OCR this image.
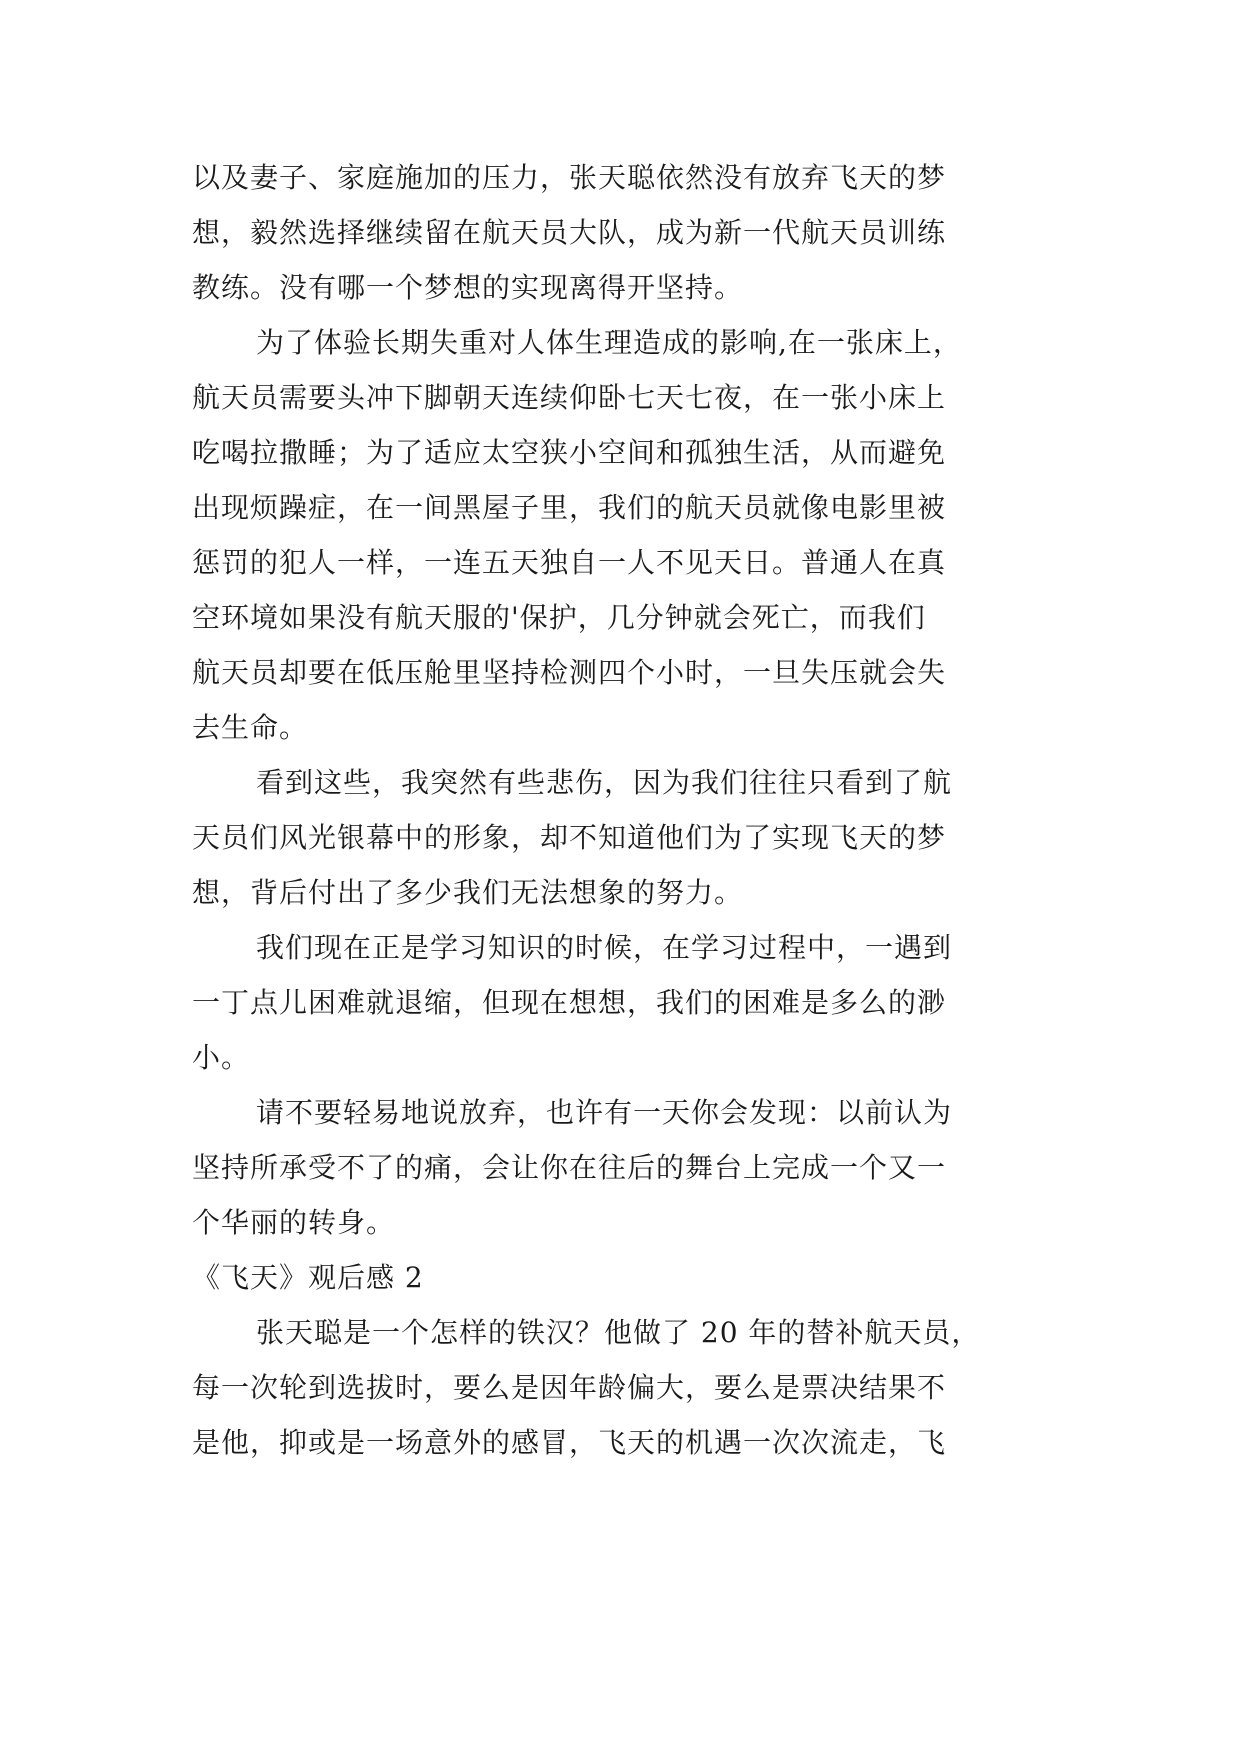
以及妻子、家庭施加的压力，张天聪依然没有放弃飞天的梦
想，毅然选择继续留在航天员大队，成为新一代航天员训练
教练。没有哪一个梦想的实现离得开坚持。
为了体验长期失重对人体生理造成的影响,在一张床上，
航天员需要头冲下脚朝天连续仰卧七天七夜，在一张小床上
吃喝拉撒睡；为了适应太空狭小空间和孤独生活，从而避免
出现烦躁症，在一间黑屋子里，我们的航天员就像电影里被
惩罚的犯人一样，一连五天独自一人不见天日。普通人在真
空环境如果没有航天服的'保护，几分钟就会死亡，而我们
航天员却要在低压舱里坚持检测四个小时，一旦失压就会失
去生命。
看到这些，我突然有些悲伤，因为我们往往只看到了航
天员们风光银幕中的形象，却不知道他们为了实现飞天的梦
想，背后付出了多少我们无法想象的努力。
我们现在正是学习知识的时候，在学习过程中，一遇到
一丁点儿困难就退缩，但现在想想，我们的困难是多么的渺
小。
请不要轻易地说放弃，也许有一天你会发现：以前认为
坚持所承受不了的痛，会让你在往后的舞台上完成一个又一
个华丽的转身。
《飞天》观后感 2
张天聪是一个怎样的铁汉？他做了 20 年的替补航天员，
每一次轮到选拔时，要么是因年龄偏大，要么是票决结果不
是他，抑或是一场意外的感冒，飞天的机遇一次次流走，飞
